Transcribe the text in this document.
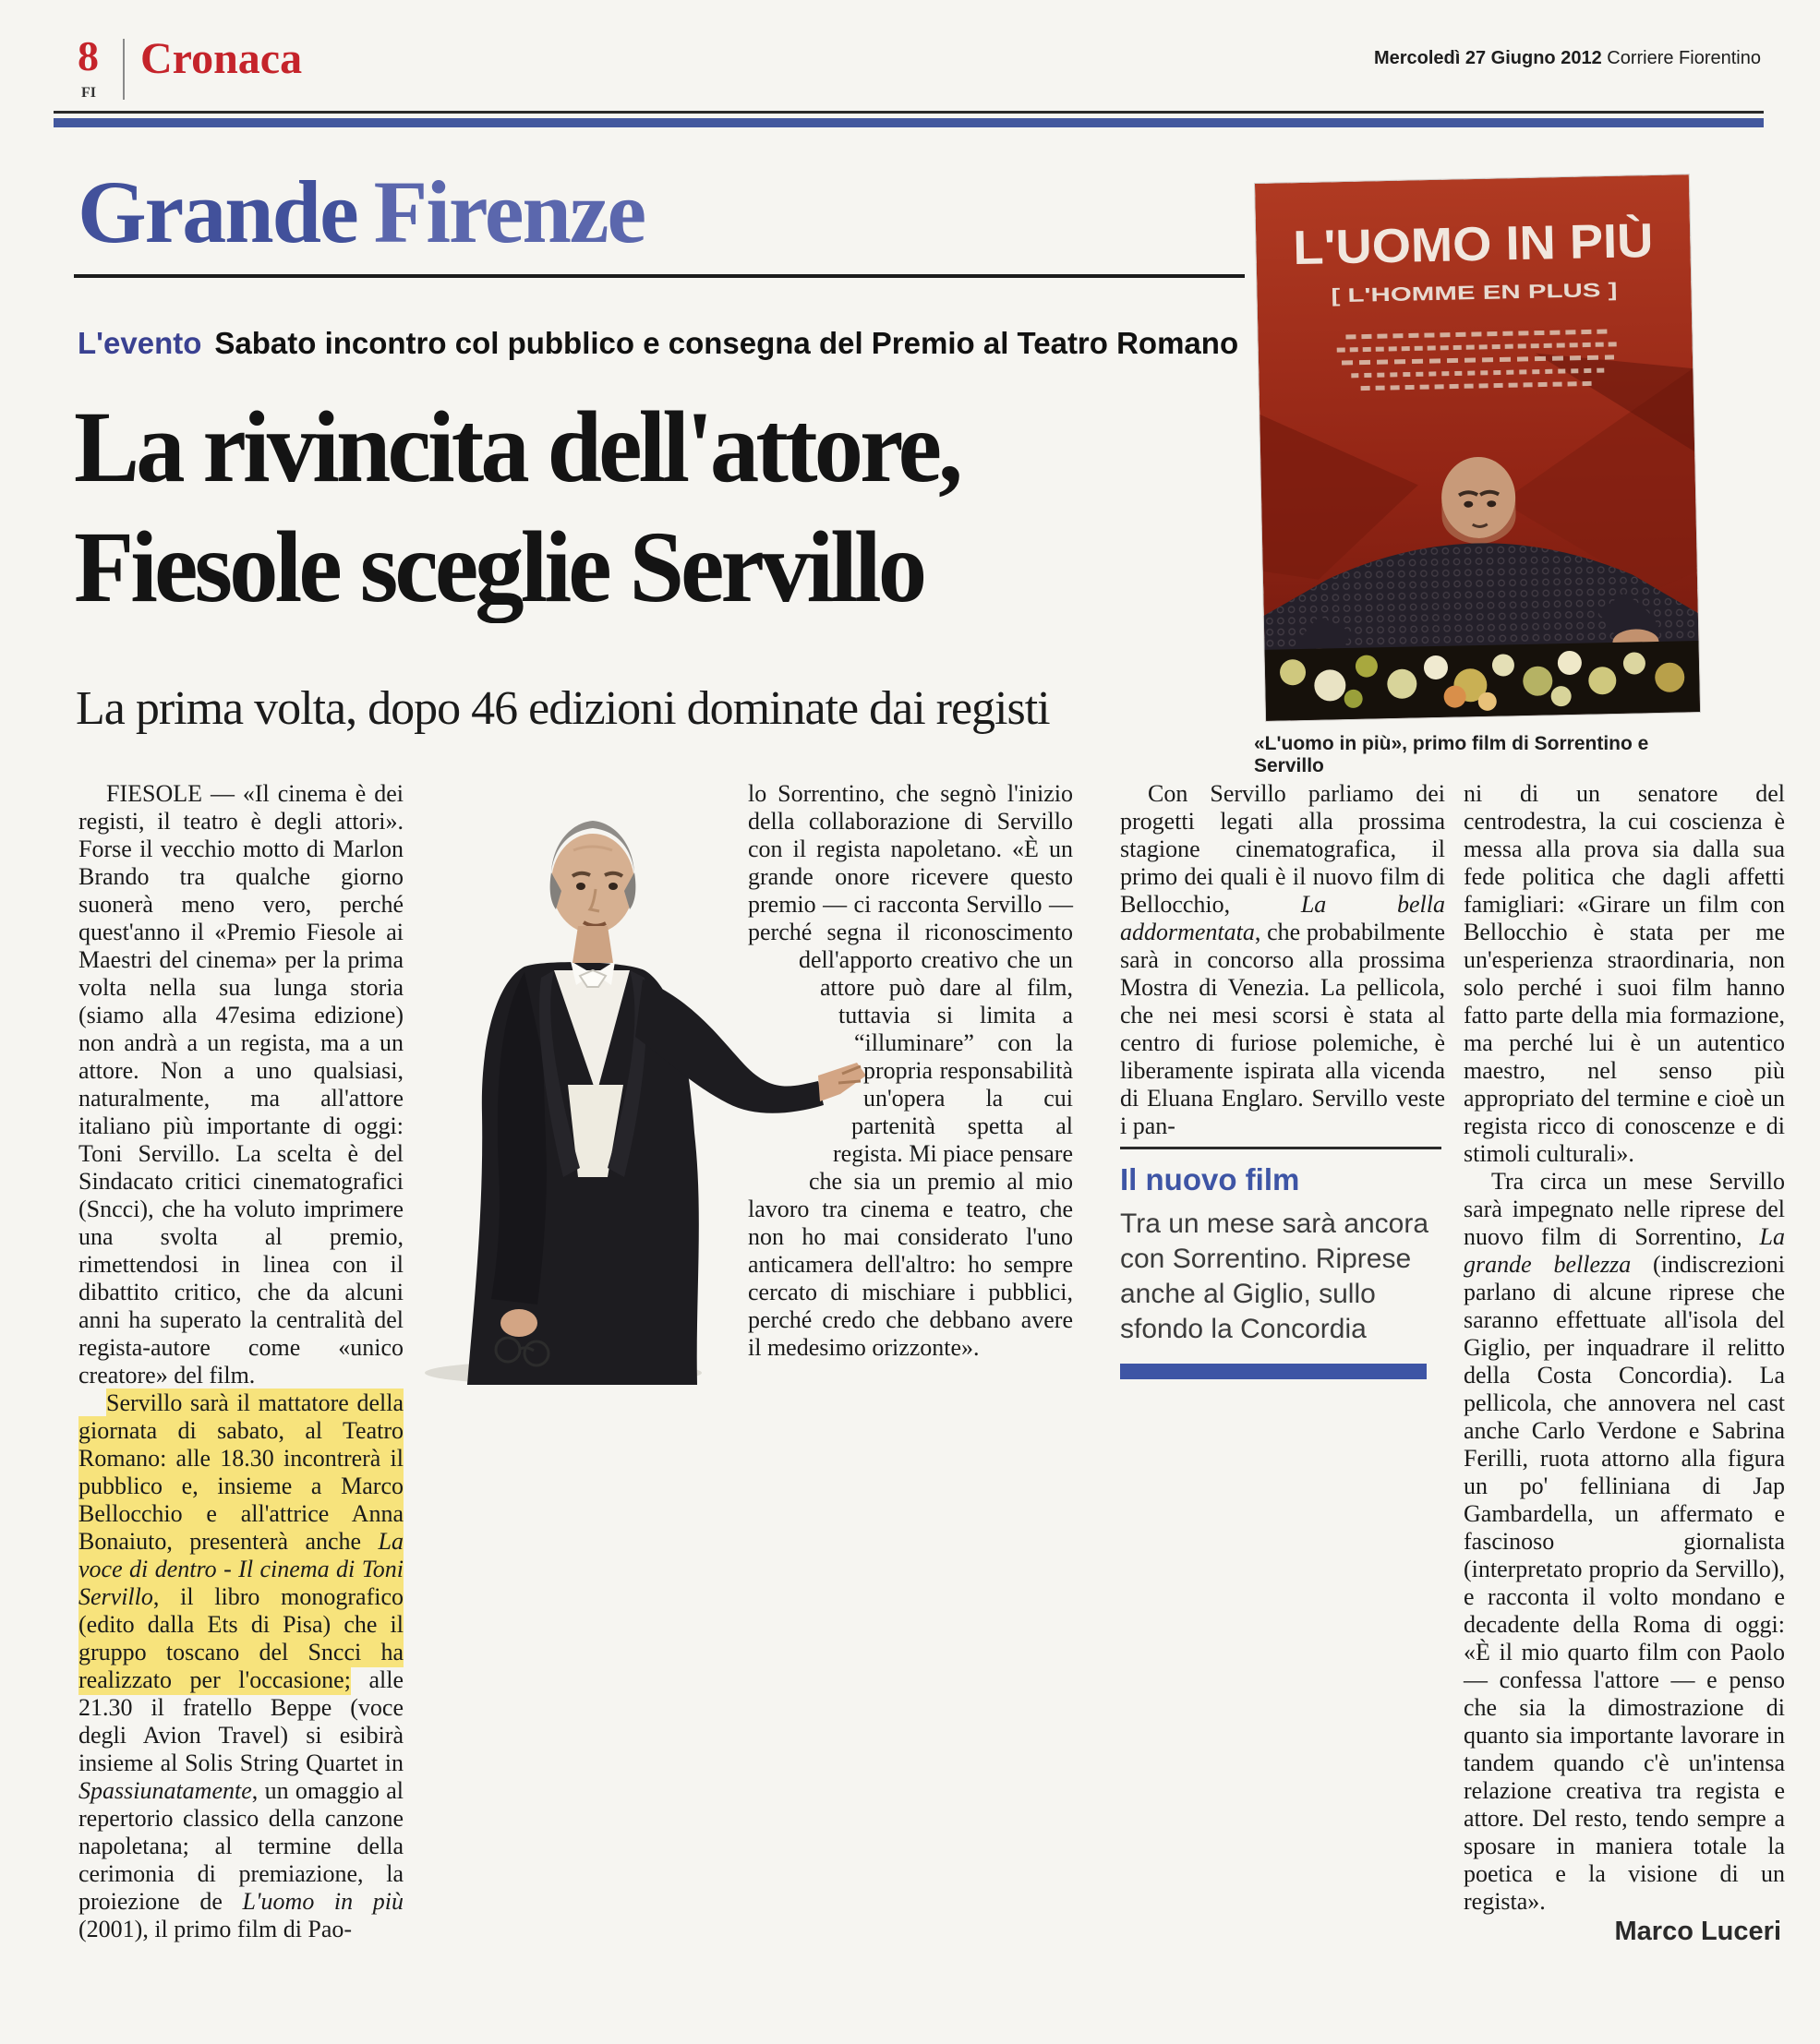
8
FI
Cronaca	Mercoledì 27 Giugno 2012 Corriere Fiorentino
Grande Firenze
L'evento Sabato incontro col pubblico e consegna del Premio al Teatro Romano
La rivincita dell'attore,
Fiesole sceglie Servillo
La prima volta, dopo 46 edizioni dominate dai registi
L'UOMO IN PIÙ
[ L'HOMME EN PLUS ]
«L'uomo in più», primo film di Sorrentino e Servillo

FIESOLE — «Il cinema è dei registi, il teatro è degli attori». Forse il vecchio motto di Marlon Brando tra qualche giorno suonerà meno vero, perché quest'anno il «Premio Fiesole ai Maestri del cinema» per la prima volta nella sua lunga storia (siamo alla 47esima edizione) non andrà a un regista, ma a un attore. Non a uno qualsiasi, naturalmente, ma all'attore italiano più importante di oggi: Toni Servillo. La scelta è del Sindacato critici cinematografici (Sncci), che ha voluto imprimere una svolta al premio, rimettendosi in linea con il dibattito critico, che da alcuni anni ha superato la centralità del regista-autore come «unico creatore» del film.

Servillo sarà il mattatore della giornata di sabato, al Teatro Romano: alle 18.30 incontrerà il pubblico e, insieme a Marco Bellocchio e all'attrice Anna Bonaiuto, presenterà anche La voce di dentro - Il cinema di Toni Servillo, il libro monografico (edito dalla Ets di Pisa) che il gruppo toscano del Sncci ha realizzato per l'occasione; alle 21.30 il fratello Beppe (voce degli Avion Travel) si esibirà insieme al Solis String Quartet in Spassiunatamente, un omaggio al repertorio classico della canzone napoletana; al termine della cerimonia di premiazione, la proiezione de L'uomo in più (2001), il primo film di Pao-

lo Sorrentino, che segnò l'inizio della collaborazione di Servillo con il regista napoletano. «È un grande onore ricevere questo premio — ci racconta Servillo — perché segna il riconoscimento dell'apporto creativo che un attore può dare al film, tuttavia si limita a “illuminare” con la propria responsabilità un'opera la cui partenità spetta al regista. Mi piace pensare che sia un premio al mio lavoro tra cinema e teatro, che non ho mai considerato l'uno anticamera dell'altro: ho sempre cercato di mischiare i pubblici, perché credo che debbano avere il medesimo orizzonte».

Con Servillo parliamo dei progetti legati alla prossima stagione cinematografica, il primo dei quali è il nuovo film di Bellocchio, La bella addormentata, che probabilmente sarà in concorso alla prossima Mostra di Venezia. La pellicola, che nei mesi scorsi è stata al centro di furiose polemiche, è liberamente ispirata alla vicenda di Eluana Englaro. Servillo veste i pan-

Il nuovo film

Tra un mese sarà ancora con Sorrentino. Riprese anche al Giglio, sullo sfondo la Concordia

ni di un senatore del centrodestra, la cui coscienza è messa alla prova sia dalla sua fede politica che dagli affetti famigliari: «Girare un film con Bellocchio è stata per me un'esperienza straordinaria, non solo perché i suoi film hanno fatto parte della mia formazione, ma perché lui è un autentico maestro, nel senso più appropriato del termine e cioè un regista ricco di conoscenze e di stimoli culturali».

Tra circa un mese Servillo sarà impegnato nelle riprese del nuovo film di Sorrentino, La grande bellezza (indiscrezioni parlano di alcune riprese che saranno effettuate all'isola del Giglio, per inquadrare il relitto della Costa Concordia). La pellicola, che annovera nel cast anche Carlo Verdone e Sabrina Ferilli, ruota attorno alla figura un po' felliniana di Jap Gambardella, un affermato e fascinoso giornalista (interpretato proprio da Servillo), e racconta il volto mondano e decadente della Roma di oggi: «È il mio quarto film con Paolo — confessa l'attore — e penso che sia la dimostrazione di quanto sia importante lavorare in tandem quando c'è un'intensa relazione creativa tra regista e attore. Del resto, tendo sempre a sposare in maniera totale la poetica e la visione di un regista».

Marco Luceri
